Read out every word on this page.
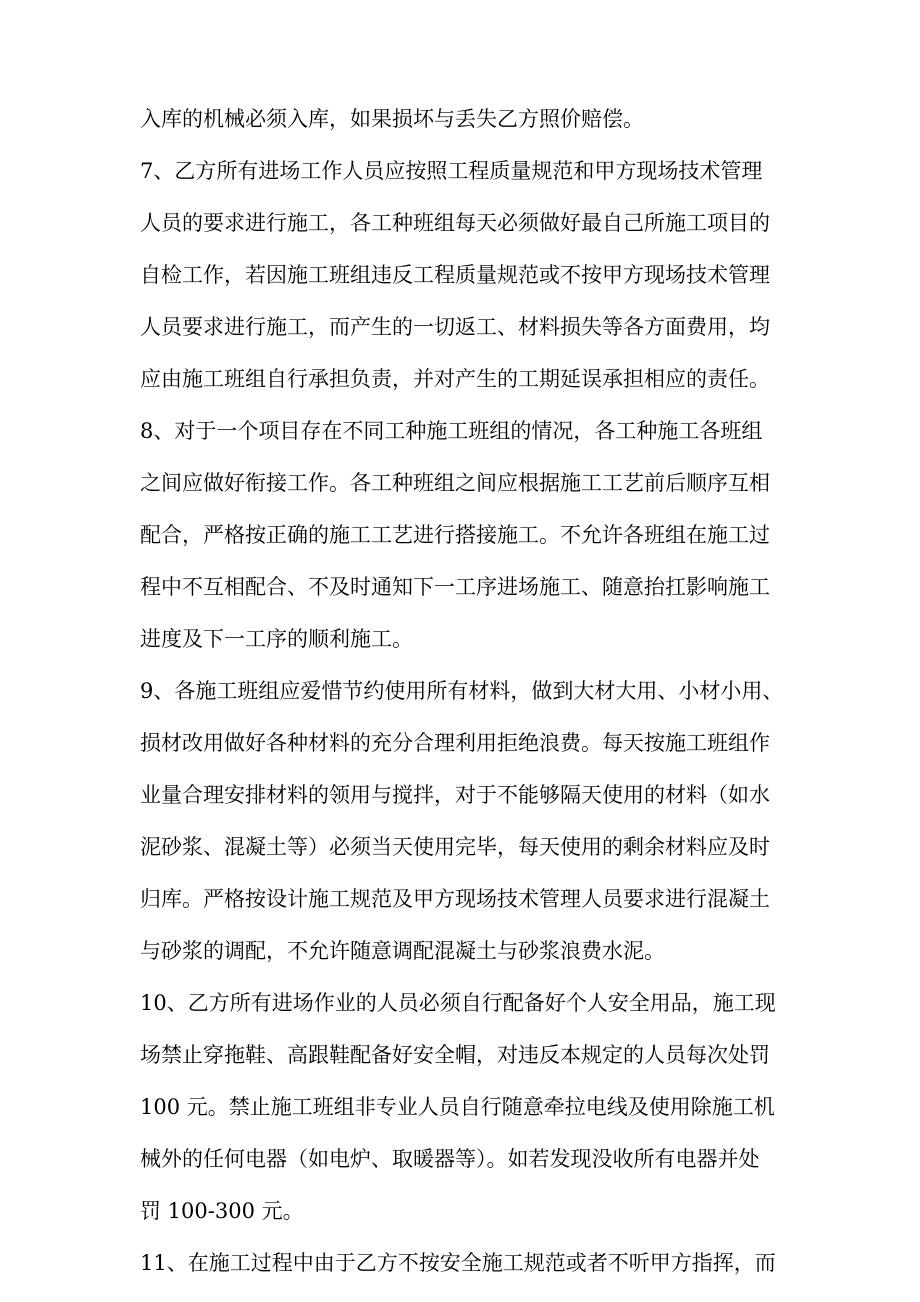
入库的机械必须入库，如果损坏与丢失乙方照价赔偿。

7、乙方所有进场工作人员应按照工程质量规范和甲方现场技术管理

人员的要求进行施工，各工种班组每天必须做好最自己所施工项目的

自检工作，若因施工班组违反工程质量规范或不按甲方现场技术管理

人员要求进行施工，而产生的一切返工、材料损失等各方面费用，均

应由施工班组自行承担负责，并对产生的工期延误承担相应的责任。

8、对于一个项目存在不同工种施工班组的情况，各工种施工各班组

之间应做好衔接工作。各工种班组之间应根据施工工艺前后顺序互相

配合，严格按正确的施工工艺进行搭接施工。不允许各班组在施工过

程中不互相配合、不及时通知下一工序进场施工、随意抬扛影响施工

进度及下一工序的顺利施工。

9、各施工班组应爱惜节约使用所有材料，做到大材大用、小材小用、

损材改用做好各种材料的充分合理利用拒绝浪费。每天按施工班组作

业量合理安排材料的领用与搅拌，对于不能够隔天使用的材料（如水

泥砂浆、混凝土等）必须当天使用完毕，每天使用的剩余材料应及时

归库。严格按设计施工规范及甲方现场技术管理人员要求进行混凝土

与砂浆的调配，不允许随意调配混凝土与砂浆浪费水泥。

10、乙方所有进场作业的人员必须自行配备好个人安全用品，施工现

场禁止穿拖鞋、高跟鞋配备好安全帽，对违反本规定的人员每次处罚

100 元。禁止施工班组非专业人员自行随意牵拉电线及使用除施工机

械外的任何电器（如电炉、取暖器等）。如若发现没收所有电器并处

罚 100-300 元。

11、在施工过程中由于乙方不按安全施工规范或者不听甲方指挥，而
